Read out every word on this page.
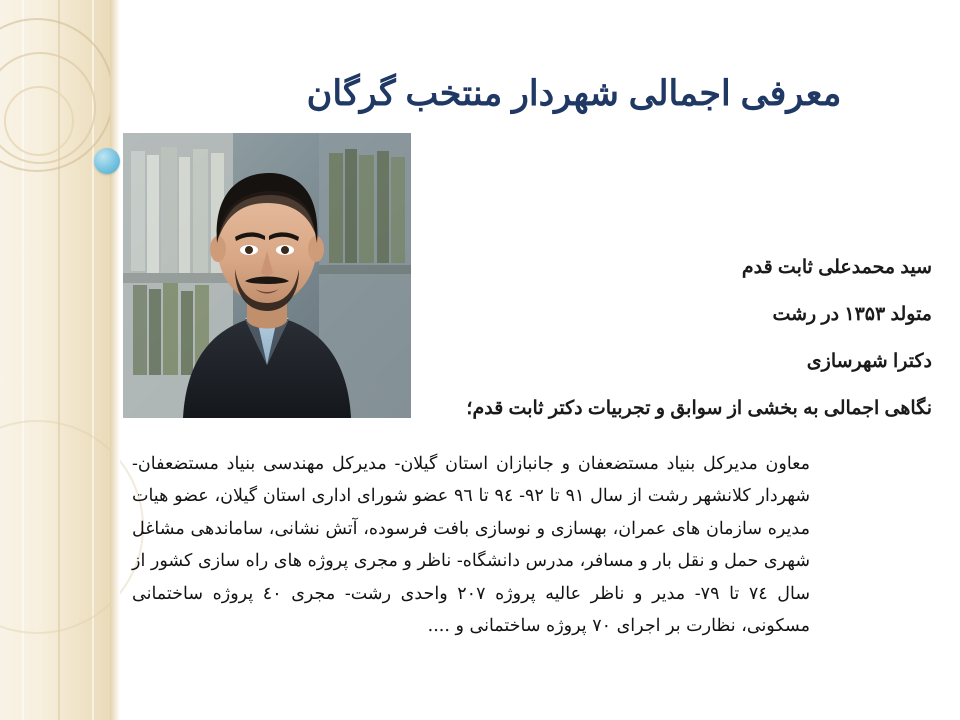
معرفی اجمالی شهردار منتخب گرگان
سید محمدعلی ثابت قدم
متولد ۱۳۵۳ در رشت
دکترا شهرسازی
نگاهی اجمالی به بخشی از سوابق و تجربیات دکتر ثابت قدم؛
معاون مدیرکل بنیاد مستضعفان و جانبازان استان گیلان- مدیرکل مهندسی بنیاد مستضعفان- شهردار کلانشهر رشت از سال ۹۱ تا ۹۲- ۹٤ تا ۹٦ عضو شورای اداری استان گیلان، عضو هیات مدیره سازمان های عمران، بهسازی و نوسازی بافت فرسوده، آتش نشانی، ساماندهی مشاغل شهری حمل و نقل بار و مسافر، مدرس دانشگاه- ناظر و مجری پروژه های راه سازی کشور از سال ۷٤ تا ۷۹- مدیر و ناظر عالیه پروژه ۲۰۷ واحدی رشت- مجری ٤۰ پروژه ساختمانی مسکونی، نظارت بر اجرای ۷۰ پروژه ساختمانی و ....
